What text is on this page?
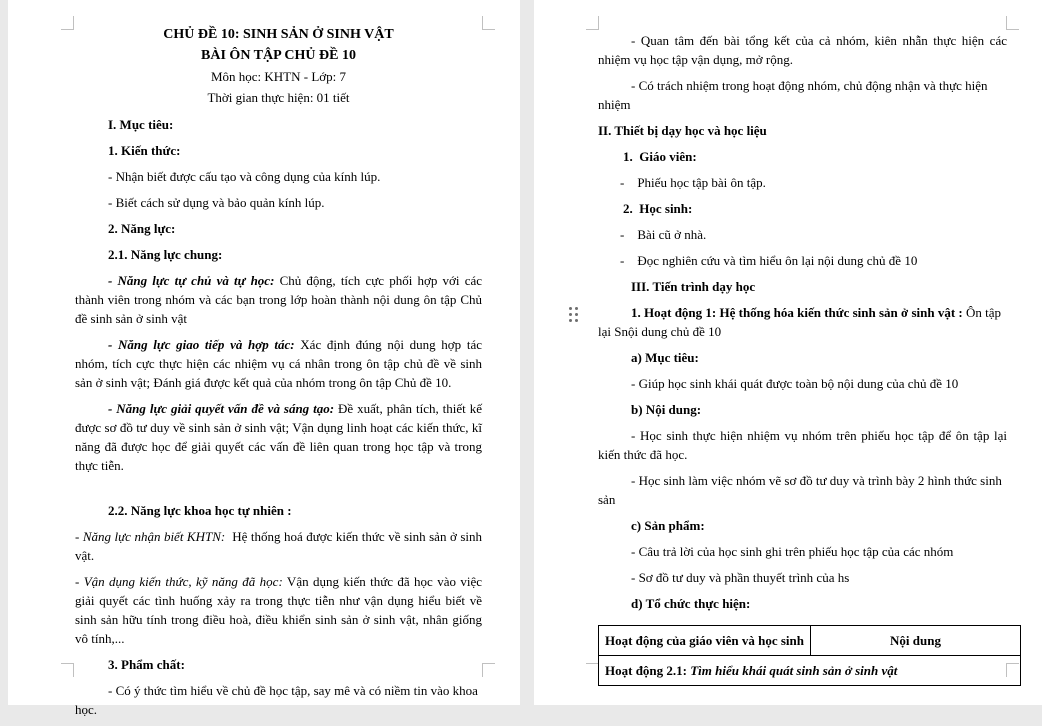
CHỦ ĐỀ 10: SINH SẢN Ở SINH VẬT
BÀI ÔN TẬP CHỦ ĐỀ 10
Môn học: KHTN - Lớp: 7
Thời gian thực hiện: 01 tiết
I. Mục tiêu:
1. Kiến thức:
- Nhận biết được cấu tạo và công dụng của kính lúp.
- Biết cách sử dụng và bảo quản kính lúp.
2. Năng lực:
2.1. Năng lực chung:
- Năng lực tự chủ và tự học: Chủ động, tích cực phối hợp với các thành viên trong nhóm và các bạn trong lớp hoàn thành nội dung ôn tập Chủ đề sinh sản ở sinh vật
- Năng lực giao tiếp và hợp tác: Xác định đúng nội dung hợp tác nhóm, tích cực thực hiện các nhiệm vụ cá nhân trong ôn tập chủ đề về sinh sản ở sinh vật; Đánh giá được kết quả của nhóm trong ôn tập Chủ đề 10.
- Năng lực giải quyết vấn đề và sáng tạo: Đề xuất, phân tích, thiết kế được sơ đồ tư duy về sinh sản ở sinh vật; Vận dụng linh hoạt các kiến thức, kĩ năng đã được học để giải quyết các vấn đề liên quan trong học tập và trong thực tiễn.
2.2. Năng lực khoa học tự nhiên :
- Năng lực nhận biết KHTN:  Hệ thống hoá được kiến thức về sinh sản ở sinh vật.
- Vận dụng kiến thức, kỹ năng đã học: Vận dụng kiến thức đã học vào việc giải quyết các tình huống xảy ra trong thực tiễn như vận dụng hiểu biết về sinh sản hữu tính trong điều hoà, điều khiển sinh sản ở sinh vật, nhân giống vô tính,...
3. Phẩm chất:
- Có ý thức tìm hiểu về chủ đề học tập, say mê và có niềm tin vào khoa học.
- Quan tâm đến bài tổng kết của cả nhóm, kiên nhẫn thực hiện các nhiệm vụ học tập vận dụng, mở rộng.
- Có trách nhiệm trong hoạt động nhóm, chủ động nhận và thực hiện nhiệm
II. Thiết bị dạy học và học liệu
1.  Giáo viên:
-    Phiếu học tập bài ôn tập.
2.  Học sinh:
-    Bài cũ ở nhà.
-    Đọc nghiên cứu và tìm hiểu ôn lại nội dung chủ đề 10
III. Tiến trình dạy học
1. Hoạt động 1: Hệ thống hóa kiến thức sinh sản ở sinh vật : Ôn tập lại Snội dung chủ đề 10
a) Mục tiêu:
- Giúp học sinh khái quát được toàn bộ nội dung của chủ đề 10
b) Nội dung:
- Học sinh thực hiện nhiệm vụ nhóm trên phiếu học tập để ôn tập lại kiến thức đã học.
- Học sinh làm việc nhóm vẽ sơ đồ tư duy và trình bày 2 hình thức sinh sản
c) Sản phẩm:
- Câu trả lời của học sinh ghi trên phiếu học tập của các nhóm
- Sơ đồ tư duy và phần thuyết trình của hs
d) Tổ chức thực hiện:
Hoạt động của giáo viên và học sinh	Nội dung
Hoạt động 2.1: Tìm hiểu khái quát sinh sản ở sinh vật
